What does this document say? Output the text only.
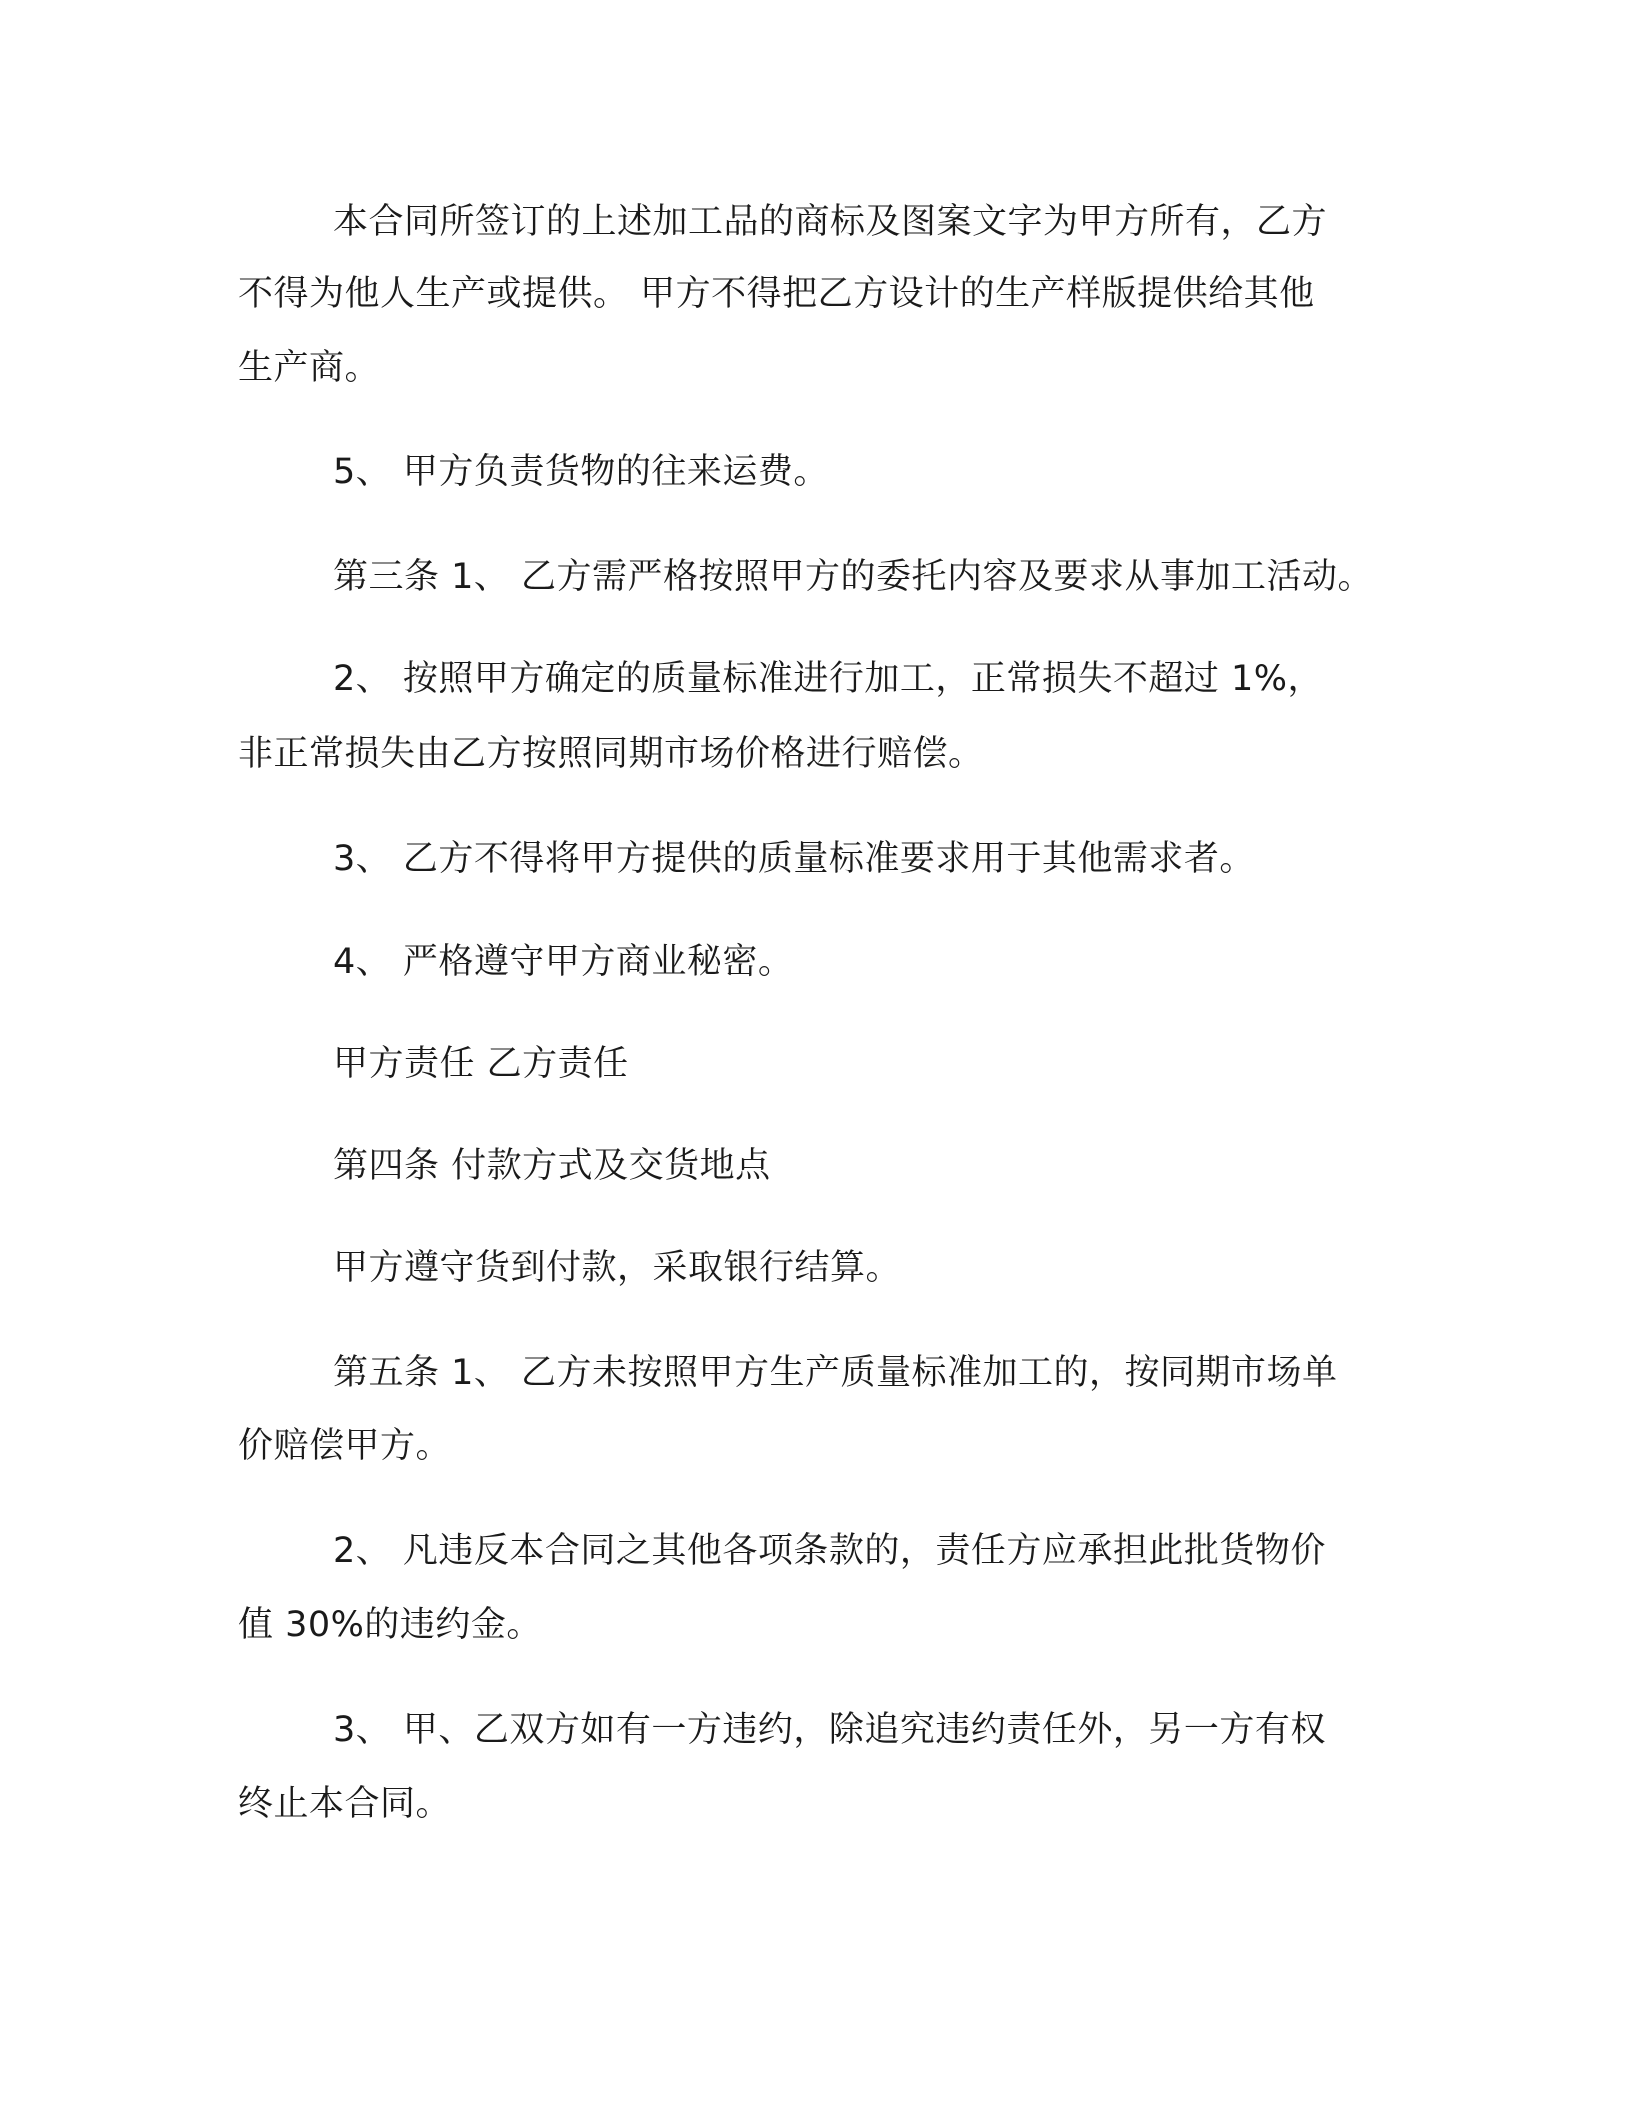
本合同所签订的上述加工品的商标及图案文字为甲方所有，乙方
不得为他人生产或提供。 甲方不得把乙方设计的生产样版提供给其他
生产商。
5、 甲方负责货物的往来运费。
第三条 1、 乙方需严格按照甲方的委托内容及要求从事加工活动。
2、 按照甲方确定的质量标准进行加工，正常损失不超过 1%，
非正常损失由乙方按照同期市场价格进行赔偿。
3、 乙方不得将甲方提供的质量标准要求用于其他需求者。
4、 严格遵守甲方商业秘密。
甲方责任 乙方责任
第四条 付款方式及交货地点
甲方遵守货到付款，采取银行结算。
第五条 1、 乙方未按照甲方生产质量标准加工的，按同期市场单
价赔偿甲方。
2、 凡违反本合同之其他各项条款的，责任方应承担此批货物价
值 30%的违约金。
3、 甲、乙双方如有一方违约，除追究违约责任外，另一方有权
终止本合同。
